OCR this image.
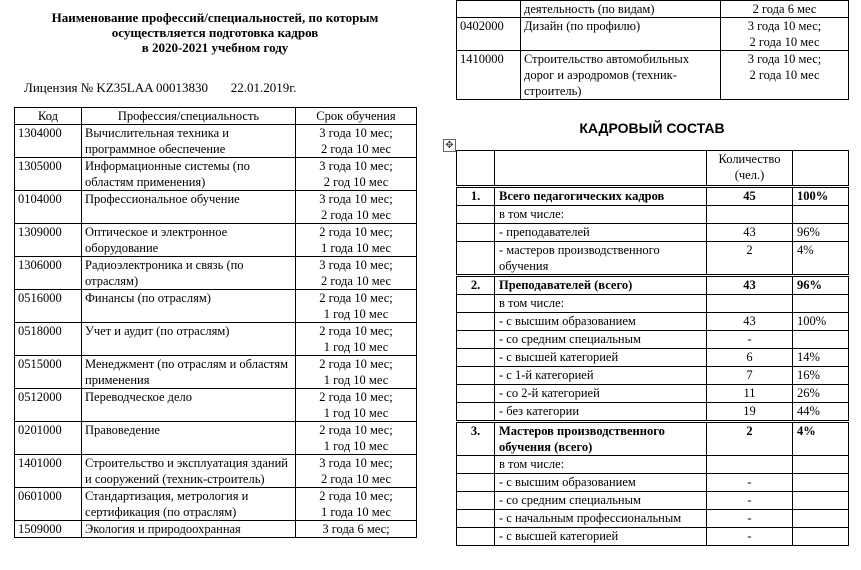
Наименование профессий/специальностей, по которым осуществляется подготовка кадров
в 2020-2021 учебном году
Лицензия № KZ35LAA 00013830       22.01.2019г.
Код	Профессия/специальность	Срок обучения
1304000	Вычислительная техника и программное обеспечение	3 года 10 мес;
2 года 10 мес
1305000	Информационные системы (по областям применения)	3 года 10 мес;
2 год 10 мес
0104000	Профессиональное обучение	3 года 10 мес;
2 года 10 мес
1309000	Оптическое и электронное оборудование	2 года 10 мес;
1 года 10 мес
1306000	Радиоэлектроника и связь (по отраслям)	3 года 10 мес;
2 года 10 мес
0516000	Финансы (по отраслям)	2 года 10 мес;
1 год 10 мес
0518000	Учет и аудит (по отраслям)	2 года 10 мес;
1 год 10 мес
0515000	Менеджмент (по отраслям и областям применения	2 года 10 мес;
1 год 10 мес
0512000	Переводческое дело	2 года 10 мес;
1 год 10 мес
0201000	Правоведение	2 года 10 мес;
1 год 10 мес
1401000	Строительство и эксплуатация зданий и сооружений (техник-строитель)	3 года 10 мес;
2 года 10 мес
0601000	Стандартизация, метрология и сертификация (по отраслям)	2 года 10 мес;
1 года 10 мес
1509000	Экология и природоохранная	3 года 6 мес;
✥
	деятельность (по видам)	2 года 6 мес
0402000	Дизайн (по профилю)	3 года 10 мес;
2 года 10 мес
1410000	Строительство автомобильных дорог и аэродромов (техник-строитель)	3 года 10 мес;
2 года 10 мес
КАДРОВЫЙ СОСТАВ
		Количество (чел.)	
1.	Всего педагогических кадров	45	100%
	в том числе:		
	- преподавателей	43	96%
	- мастеров производственного обучения	2	4%
2.	Преподавателей (всего)	43	96%
	в том числе:		
	- с высшим образованием	43	100%
	- со средним специальным	-	
	- с высшей категорией	6	14%
	- с 1-й категорией	7	16%
	- со 2-й категорией	11	26%
	- без категории	19	44%
3.	Мастеров производственного обучения (всего)	2	4%
	в том числе:		
	- с высшим образованием	-	
	- со средним специальным	-	
	- с начальным профессиональным	-	
	- с высшей категорией	-	
